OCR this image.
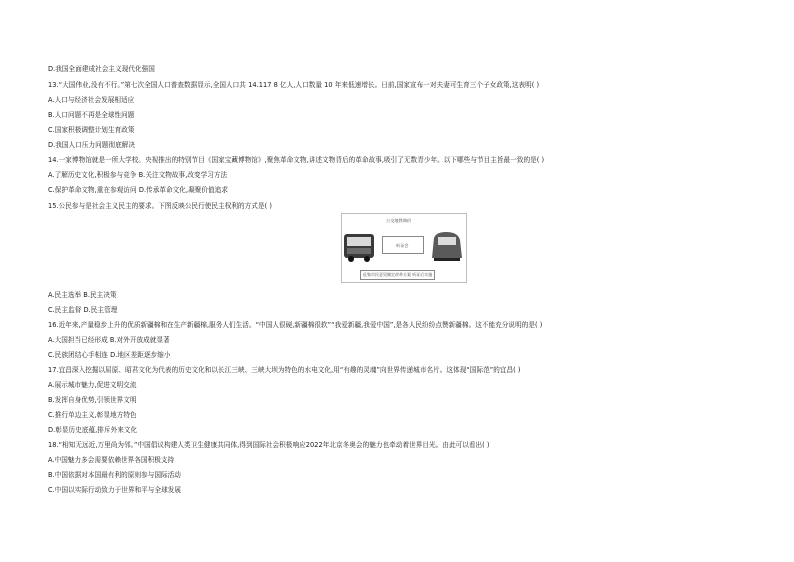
D.我国全面建成社会主义现代化强国
13.“大国伟业,没有不行。”第七次全国人口普查数据显示,全国人口共 14.117 8 亿人,人口数量 10 年来低速增长。日前,国家宣布一对夫妻可生育三个子女政策,这表明( )
A.人口与经济社会发展相适应
B.人口问题不再是全球性问题
C.国家积极调整计划生育政策
D.我国人口压力问题彻底解决
14.一家博物馆就是一所大学校。央视推出的特别节目《国家宝藏博物馆》,聚焦革命文物,讲述文物背后的革命故事,吸引了无数青少年。以下哪些与节目主旨最一致的是( )
A.了解历史文化,积极参与竞争 B.关注文物故事,改变学习方法
C.保护革命文物,重在参观访问 D.传承革命文化,凝聚价值追求
15.公民参与是社会主义民主的要求。下图反映公民行使民主权利的方式是( )
公交地铁调价
听证会
征集市民意见制定改革方案 听证后实施
A.民主选举 B.民主决策
C.民主监督 D.民主管理
16.近年来,产量稳步上升的优质新疆棉和在生产新疆棉,服务人们生活。“中国人很硬,新疆棉很软”“我爱新疆,我爱中国”,是各人民纷纷点赞新疆棉。这不能充分说明的是( )
A.大国担当已经形成 B.对外开放成就显著
C.民族团结心手相连 D.地区差距逐步缩小
17.宜昌深入挖掘以屈原、昭君文化为代表的历史文化和以长江三峡、三峡大坝为特色的水电文化,用“有趣的灵魂”向世界传递城市名片。这体现“国际范”的宜昌( )
A.展示城市魅力,促进文明交流
B.发挥自身优势,引领世界文明
C.推行单边主义,彰显地方特色
D.彰显历史底蕴,排斥外来文化
18.“相知无远近,万里尚为邻。”中国倡议构建人类卫生健康共同体,得到国际社会积极响应2022年北京冬奥会的魅力也牵动着世界目光。由此可以看出( )
A.中国魅力多会需要依赖世界各国积极支持
B.中国依据对本国最有利的原则参与国际活动
C.中国以实际行动致力于世界和平与全球发展
